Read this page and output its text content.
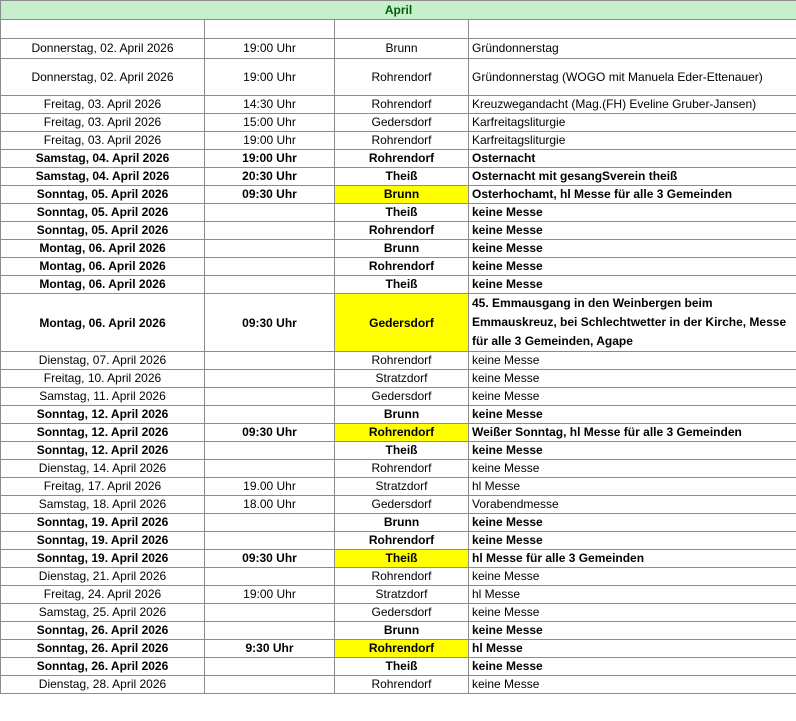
April			

Donnerstag, 02. April 2026	19:00 Uhr	Brunn	Gründonnerstag
Donnerstag, 02. April 2026	19:00 Uhr	Rohrendorf	Gründonnerstag (WOGO mit Manuela Eder-Ettenauer)
Freitag, 03. April 2026	14:30 Uhr	Rohrendorf	Kreuzwegandacht (Mag.(FH) Eveline Gruber-Jansen)
Freitag, 03. April 2026	15:00 Uhr	Gedersdorf	Karfreitagsliturgie
Freitag, 03. April 2026	19:00 Uhr	Rohrendorf	Karfreitagsliturgie
Samstag, 04. April 2026	19:00 Uhr	Rohrendorf	Osternacht
Samstag, 04. April 2026	20:30 Uhr	Theiß	Osternacht mit gesangSverein theiß
Sonntag, 05. April 2026	09:30 Uhr	Brunn	Osterhochamt, hl Messe für alle 3 Gemeinden
Sonntag, 05. April 2026		Theiß	keine Messe
Sonntag, 05. April 2026		Rohrendorf	keine Messe
Montag, 06. April 2026		Brunn	keine Messe
Montag, 06. April 2026		Rohrendorf	keine Messe
Montag, 06. April 2026		Theiß	keine Messe
Montag, 06. April 2026	09:30 Uhr	Gedersdorf	45. Emmausgang in den Weinbergen beim Emmauskreuz, bei Schlechtwetter in der Kirche, Messe für alle 3 Gemeinden, Agape
Dienstag, 07. April 2026		Rohrendorf	keine Messe
Freitag, 10. April 2026		Stratzdorf	keine Messe
Samstag, 11. April 2026		Gedersdorf	keine Messe
Sonntag, 12. April 2026		Brunn	keine Messe
Sonntag, 12. April 2026	09:30 Uhr	Rohrendorf	Weißer Sonntag, hl Messe für alle 3 Gemeinden
Sonntag, 12. April 2026		Theiß	keine Messe
Dienstag, 14. April 2026		Rohrendorf	keine Messe
Freitag, 17. April 2026	19.00 Uhr	Stratzdorf	hl Messe
Samstag, 18. April 2026	18.00 Uhr	Gedersdorf	Vorabendmesse
Sonntag, 19. April 2026		Brunn	keine Messe
Sonntag, 19. April 2026		Rohrendorf	keine Messe
Sonntag, 19. April 2026	09:30 Uhr	Theiß	hl Messe für alle 3 Gemeinden
Dienstag, 21. April 2026		Rohrendorf	keine Messe
Freitag, 24. April 2026	19:00 Uhr	Stratzdorf	hl Messe
Samstag, 25. April 2026		Gedersdorf	keine Messe
Sonntag, 26. April 2026		Brunn	keine Messe
Sonntag, 26. April 2026	9:30 Uhr	Rohrendorf	hl Messe
Sonntag, 26. April 2026		Theiß	keine Messe
Dienstag, 28. April 2026		Rohrendorf	keine Messe
